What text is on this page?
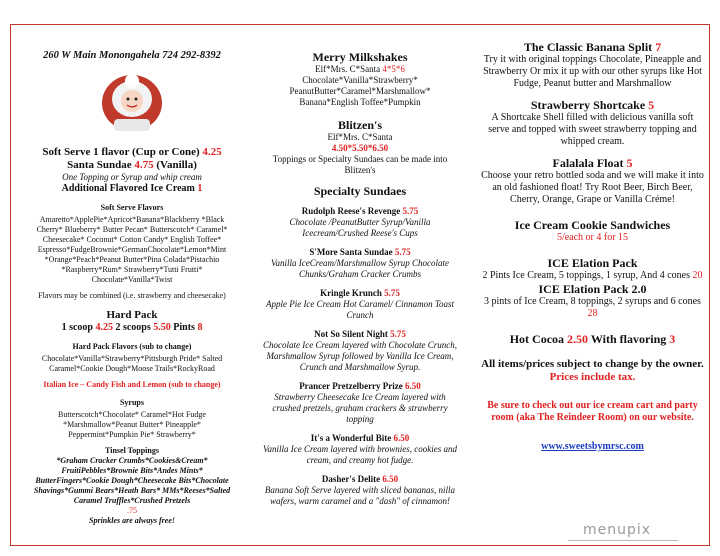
260 W Main Monongahela 724 292-8392
Soft Serve 1 flavor (Cup or Cone) 4.25
Santa Sundae 4.75 (Vanilla)
One Topping or Syrup and whip cream
Additional Flavored Ice Cream 1
Soft Serve Flavors
Amaretto*ApplePie*Apricot*Banana*Blackberry *Black Cherry* Blueberry* Butter Pecan* Butterscotch* Caramel* Cheesecake* Coconut* Cotton Candy* English Toffee* Espresso*FudgeBrownie*GermanChocolate*Lemon*Mint *Orange*Peach*Peanut Butter*Pina Colada*Pistachio *Raspberry*Rum* Strawberry*Tutti Frutti* Chocolate*Vanilla*Twist
Flavors may be combined (i.e. strawberry and cheesecake)
Hard Pack
1 scoop 4.25 2 scoops 5.50 Pints 8
Hard Pack Flavors (sub to change)
Chocolate*Vanilla*Strawberry*Pittsburgh Pride* Salted Caramel*Cookie Dough*Moose Trails*RockyRoad
Italian Ice – Candy Fish and Lemon (sub to change)
Syrups
Butterscotch*Chocolate* Caramel*Hot Fudge *Marshmallow*Peanut Butter* Pineapple* Peppermint*Pumpkin Pie* Strawberry*
Tinsel Toppings
*Graham Cracker Crumbs*Cookies&Cream* FruitiPebbles*Brownie Bits*Andes Mints* ButterFingers*Cookie Dough*Cheesecake Bits*Chocolate Shavings*Gummi Bears*Heath Bars* MMs*Reeses*Salted Caramel Truffles*Crushed Pretzels
.75
Sprinkles are always free!
Merry Milkshakes
Elf*Mrs. C*Santa 4*5*6
Chocolate*Vanilla*Strawberry* PeanutButter*Caramel*Marshmallow* Banana*English Toffee*Pumpkin
Blitzen's
Elf*Mrs. C*Santa
4.50*5.50*6.50
Toppings or Specialty Sundaes can be made into Blitzen's
Specialty Sundaes
Rudolph Reese's Revenge 5.75
Chocolate /PeanutButter Syrup/Vanilla Icecream/Crushed Reese's Cups
S'More Santa Sundae 5.75
Vanilla IceCream/Marshmallow Syrup Chocolate Chunks/Graham Cracker Crumbs
Kringle Krunch 5.75
Apple Pie Ice Cream Hot Caramel/ Cinnamon Toast Crunch
Not So Silent Night 5.75
Chocolate Ice Cream layered with Chocolate Crunch, Marshmallow Syrup followed by Vanilla Ice Cream, Crunch and Marshmallow Syrup.
Prancer Pretzelberry Prize 6.50
Strawberry Cheesecake Ice Cream layered with crushed pretzels, graham crackers & strawberry topping
It's a Wonderful Bite 6.50
Vanilla Ice Cream layered with brownies, cookies and cream, and creamy hot fudge.
Dasher's Delite 6.50
Banana Soft Serve layered with sliced bananas, nilla wafers, warm caramel and a "dash" of cinnamon!
The Classic Banana Split 7
Try it with original toppings Chocolate, Pineapple and Strawberry Or mix it up with our other syrups like Hot Fudge, Peanut butter and Marshmallow
Strawberry Shortcake 5
A Shortcake Shell filled with delicious vanilla soft serve and topped with sweet strawberry topping and whipped cream.
Falalala Float 5
Choose your retro bottled soda and we will make it into an old fashioned float! Try Root Beer, Birch Beer, Cherry, Orange, Grape or Vanilla Créme!
Ice Cream Cookie Sandwiches
5/each or 4 for 15
ICE Elation Pack
2 Pints Ice Cream, 5 toppings, 1 syrup, And 4 cones 20
ICE Elation Pack 2.0
3 pints of Ice Cream, 8 toppings, 2 syrups and 6 cones 28
Hot Cocoa 2.50 With flavoring 3
All items/prices subject to change by the owner. Prices include tax.
Be sure to check out our ice cream cart and party room (aka The Reindeer Room) on our website.
www.sweetsbymrsc.com
menupix
